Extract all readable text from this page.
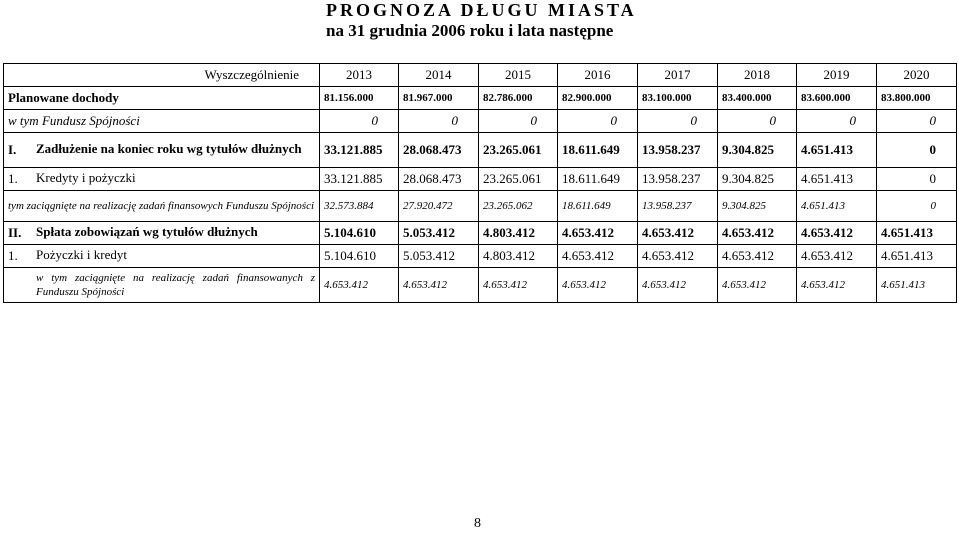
PROGNOZA DŁUGU MIASTA
na 31 grudnia 2006 roku i lata następne
Wyszczególnienie	2013	2014	2015	2016	2017	2018	2019	2020
Planowane dochody	81.156.000	81.967.000	82.786.000	82.900.000	83.100.000	83.400.000	83.600.000	83.800.000
w tym Fundusz Spójności	0	0	0	0	0	0	0	0

I. Zadłużenie na koniec roku wg tytułów dłużnych	33.121.885	28.068.473	23.265.061	18.611.649	13.958.237	9.304.825	4.651.413	0

1. Kredyty i pożyczki	33.121.885	28.068.473	23.265.061	18.611.649	13.958.237	9.304.825	4.651.413	0

tym zaciągnięte na realizację zadań finansowych Funduszu Spójności	32.573.884	27.920.472	23.265.062	18.611.649	13.958.237	9.304.825	4.651.413	0

II. Spłata zobowiązań wg tytułów dłużnych	5.104.610	5.053.412	4.803.412	4.653.412	4.653.412	4.653.412	4.653.412	4.651.413

1. Pożyczki i kredyt	5.104.610	5.053.412	4.803.412	4.653.412	4.653.412	4.653.412	4.653.412	4.651.413

w tym zaciągnięte na realizację zadań finansowanych z Funduszu Spójności	4.653.412	4.653.412	4.653.412	4.653.412	4.653.412	4.653.412	4.653.412	4.651.413
8
